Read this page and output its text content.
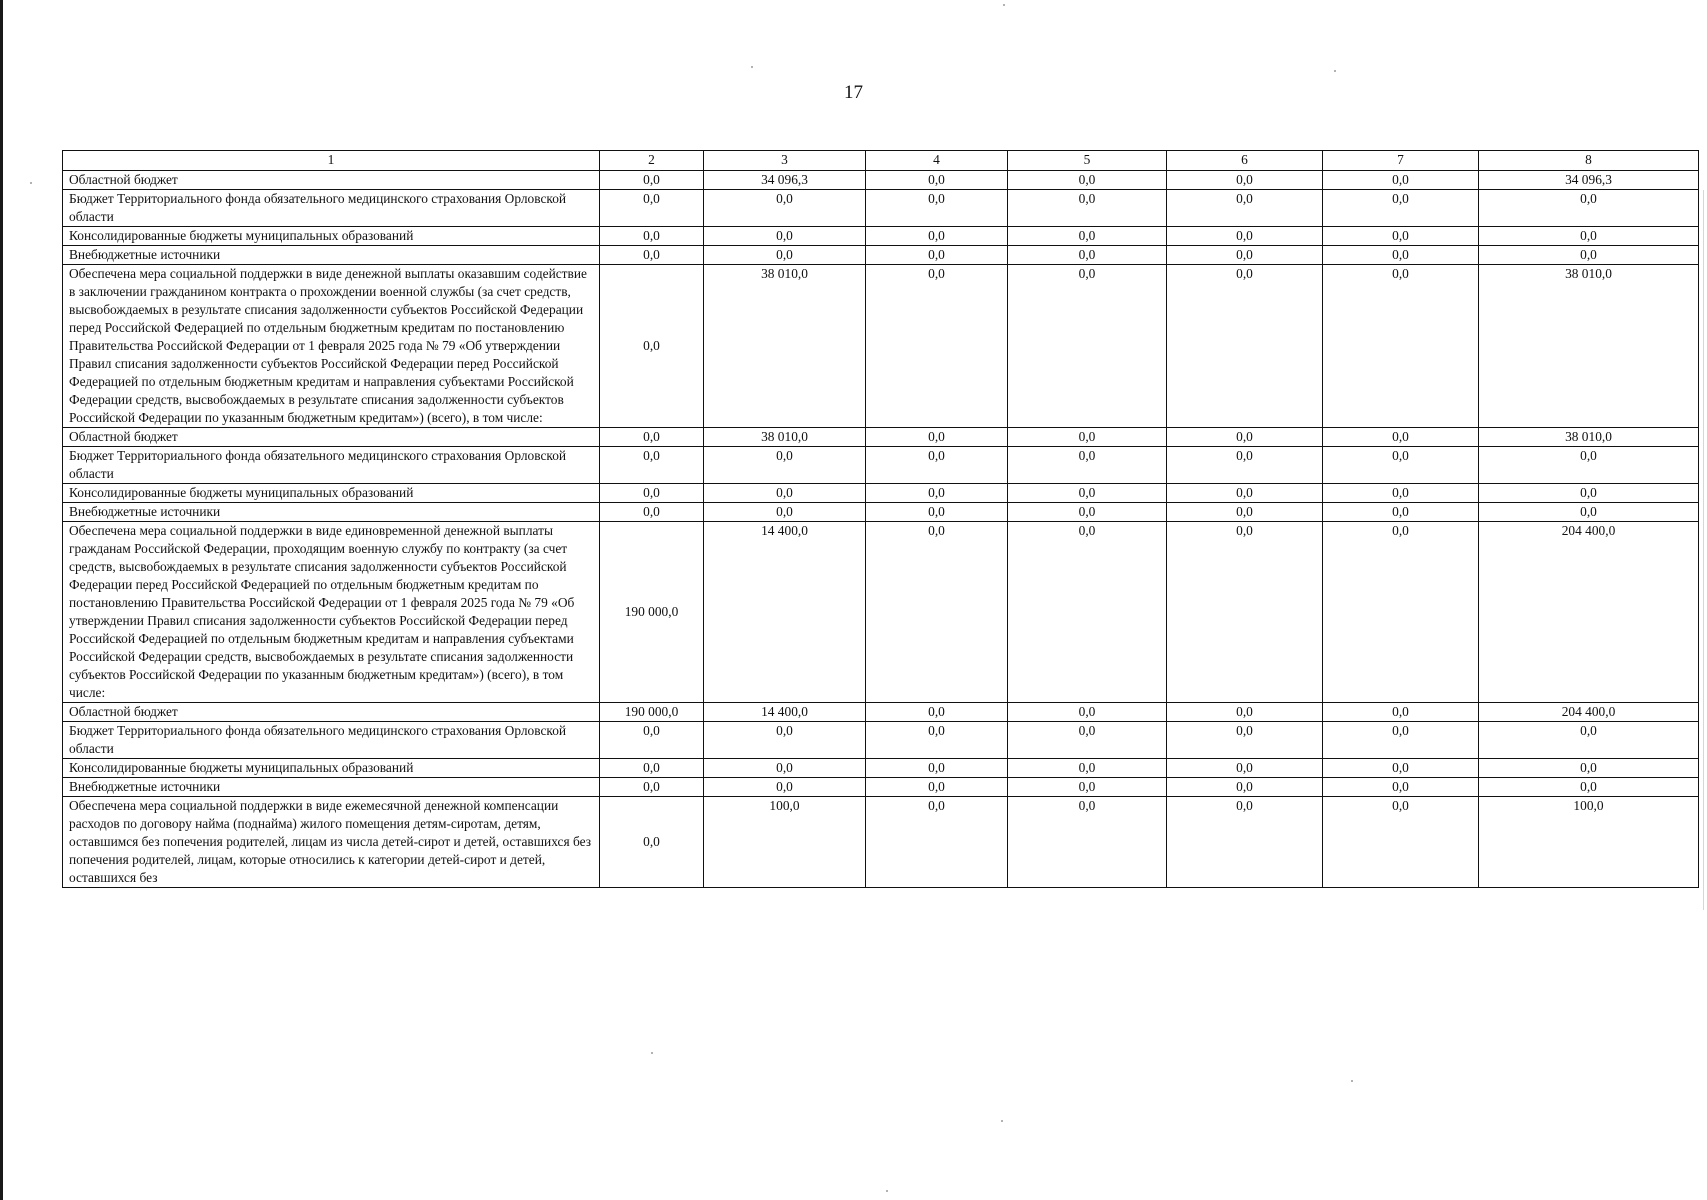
17
1	2	3	4	5	6	7	8
Областной бюджет	0,0	34 096,3	0,0	0,0	0,0	0,0	34 096,3
Бюджет Территориального фонда обязательного медицинского страхования Орловской области	0,0	0,0	0,0	0,0	0,0	0,0	0,0
Консолидированные бюджеты муниципальных образований	0,0	0,0	0,0	0,0	0,0	0,0	0,0
Внебюджетные источники	0,0	0,0	0,0	0,0	0,0	0,0	0,0
Обеспечена мера социальной поддержки в виде денежной выплаты оказавшим содействие в заключении гражданином контракта о прохождении военной службы (за счет средств, высвобождаемых в результате списания задолженности субъектов Российской Федерации перед Российской Федерацией по отдельным бюджетным кредитам по постановлению Правительства Российской Федерации от 1 февраля 2025 года № 79 «Об утверждении Правил списания задолженности субъектов Российской Федерации перед Российской Федерацией по отдельным бюджетным кредитам и направления субъектами Российской Федерации средств, высвобождаемых в результате списания задолженности субъектов Российской Федерации по указанным бюджетным кредитам») (всего), в том числе:	0,0	38 010,0	0,0	0,0	0,0	0,0	38 010,0
Областной бюджет	0,0	38 010,0	0,0	0,0	0,0	0,0	38 010,0
Бюджет Территориального фонда обязательного медицинского страхования Орловской области	0,0	0,0	0,0	0,0	0,0	0,0	0,0
Консолидированные бюджеты муниципальных образований	0,0	0,0	0,0	0,0	0,0	0,0	0,0
Внебюджетные источники	0,0	0,0	0,0	0,0	0,0	0,0	0,0
Обеспечена мера социальной поддержки в виде единовременной денежной выплаты гражданам Российской Федерации, проходящим военную службу по контракту (за счет средств, высвобождаемых в результате списания задолженности субъектов Российской Федерации перед Российской Федерацией по отдельным бюджетным кредитам по постановлению Правительства Российской Федерации от 1 февраля 2025 года № 79 «Об утверждении Правил списания задолженности субъектов Российской Федерации перед Российской Федерацией по отдельным бюджетным кредитам и направления субъектами Российской Федерации средств, высвобождаемых в результате списания задолженности субъектов Российской Федерации по указанным бюджетным кредитам») (всего), в том числе:	190 000,0	14 400,0	0,0	0,0	0,0	0,0	204 400,0
Областной бюджет	190 000,0	14 400,0	0,0	0,0	0,0	0,0	204 400,0
Бюджет Территориального фонда обязательного медицинского страхования Орловской области	0,0	0,0	0,0	0,0	0,0	0,0	0,0
Консолидированные бюджеты муниципальных образований	0,0	0,0	0,0	0,0	0,0	0,0	0,0
Внебюджетные источники	0,0	0,0	0,0	0,0	0,0	0,0	0,0
Обеспечена мера социальной поддержки в виде ежемесячной денежной компенсации расходов по договору найма (поднайма) жилого помещения детям-сиротам, детям, оставшимся без попечения родителей, лицам из числа детей-сирот и детей, оставшихся без попечения родителей, лицам, которые относились к категории детей-сирот и детей, оставшихся без	0,0	100,0	0,0	0,0	0,0	0,0	100,0
